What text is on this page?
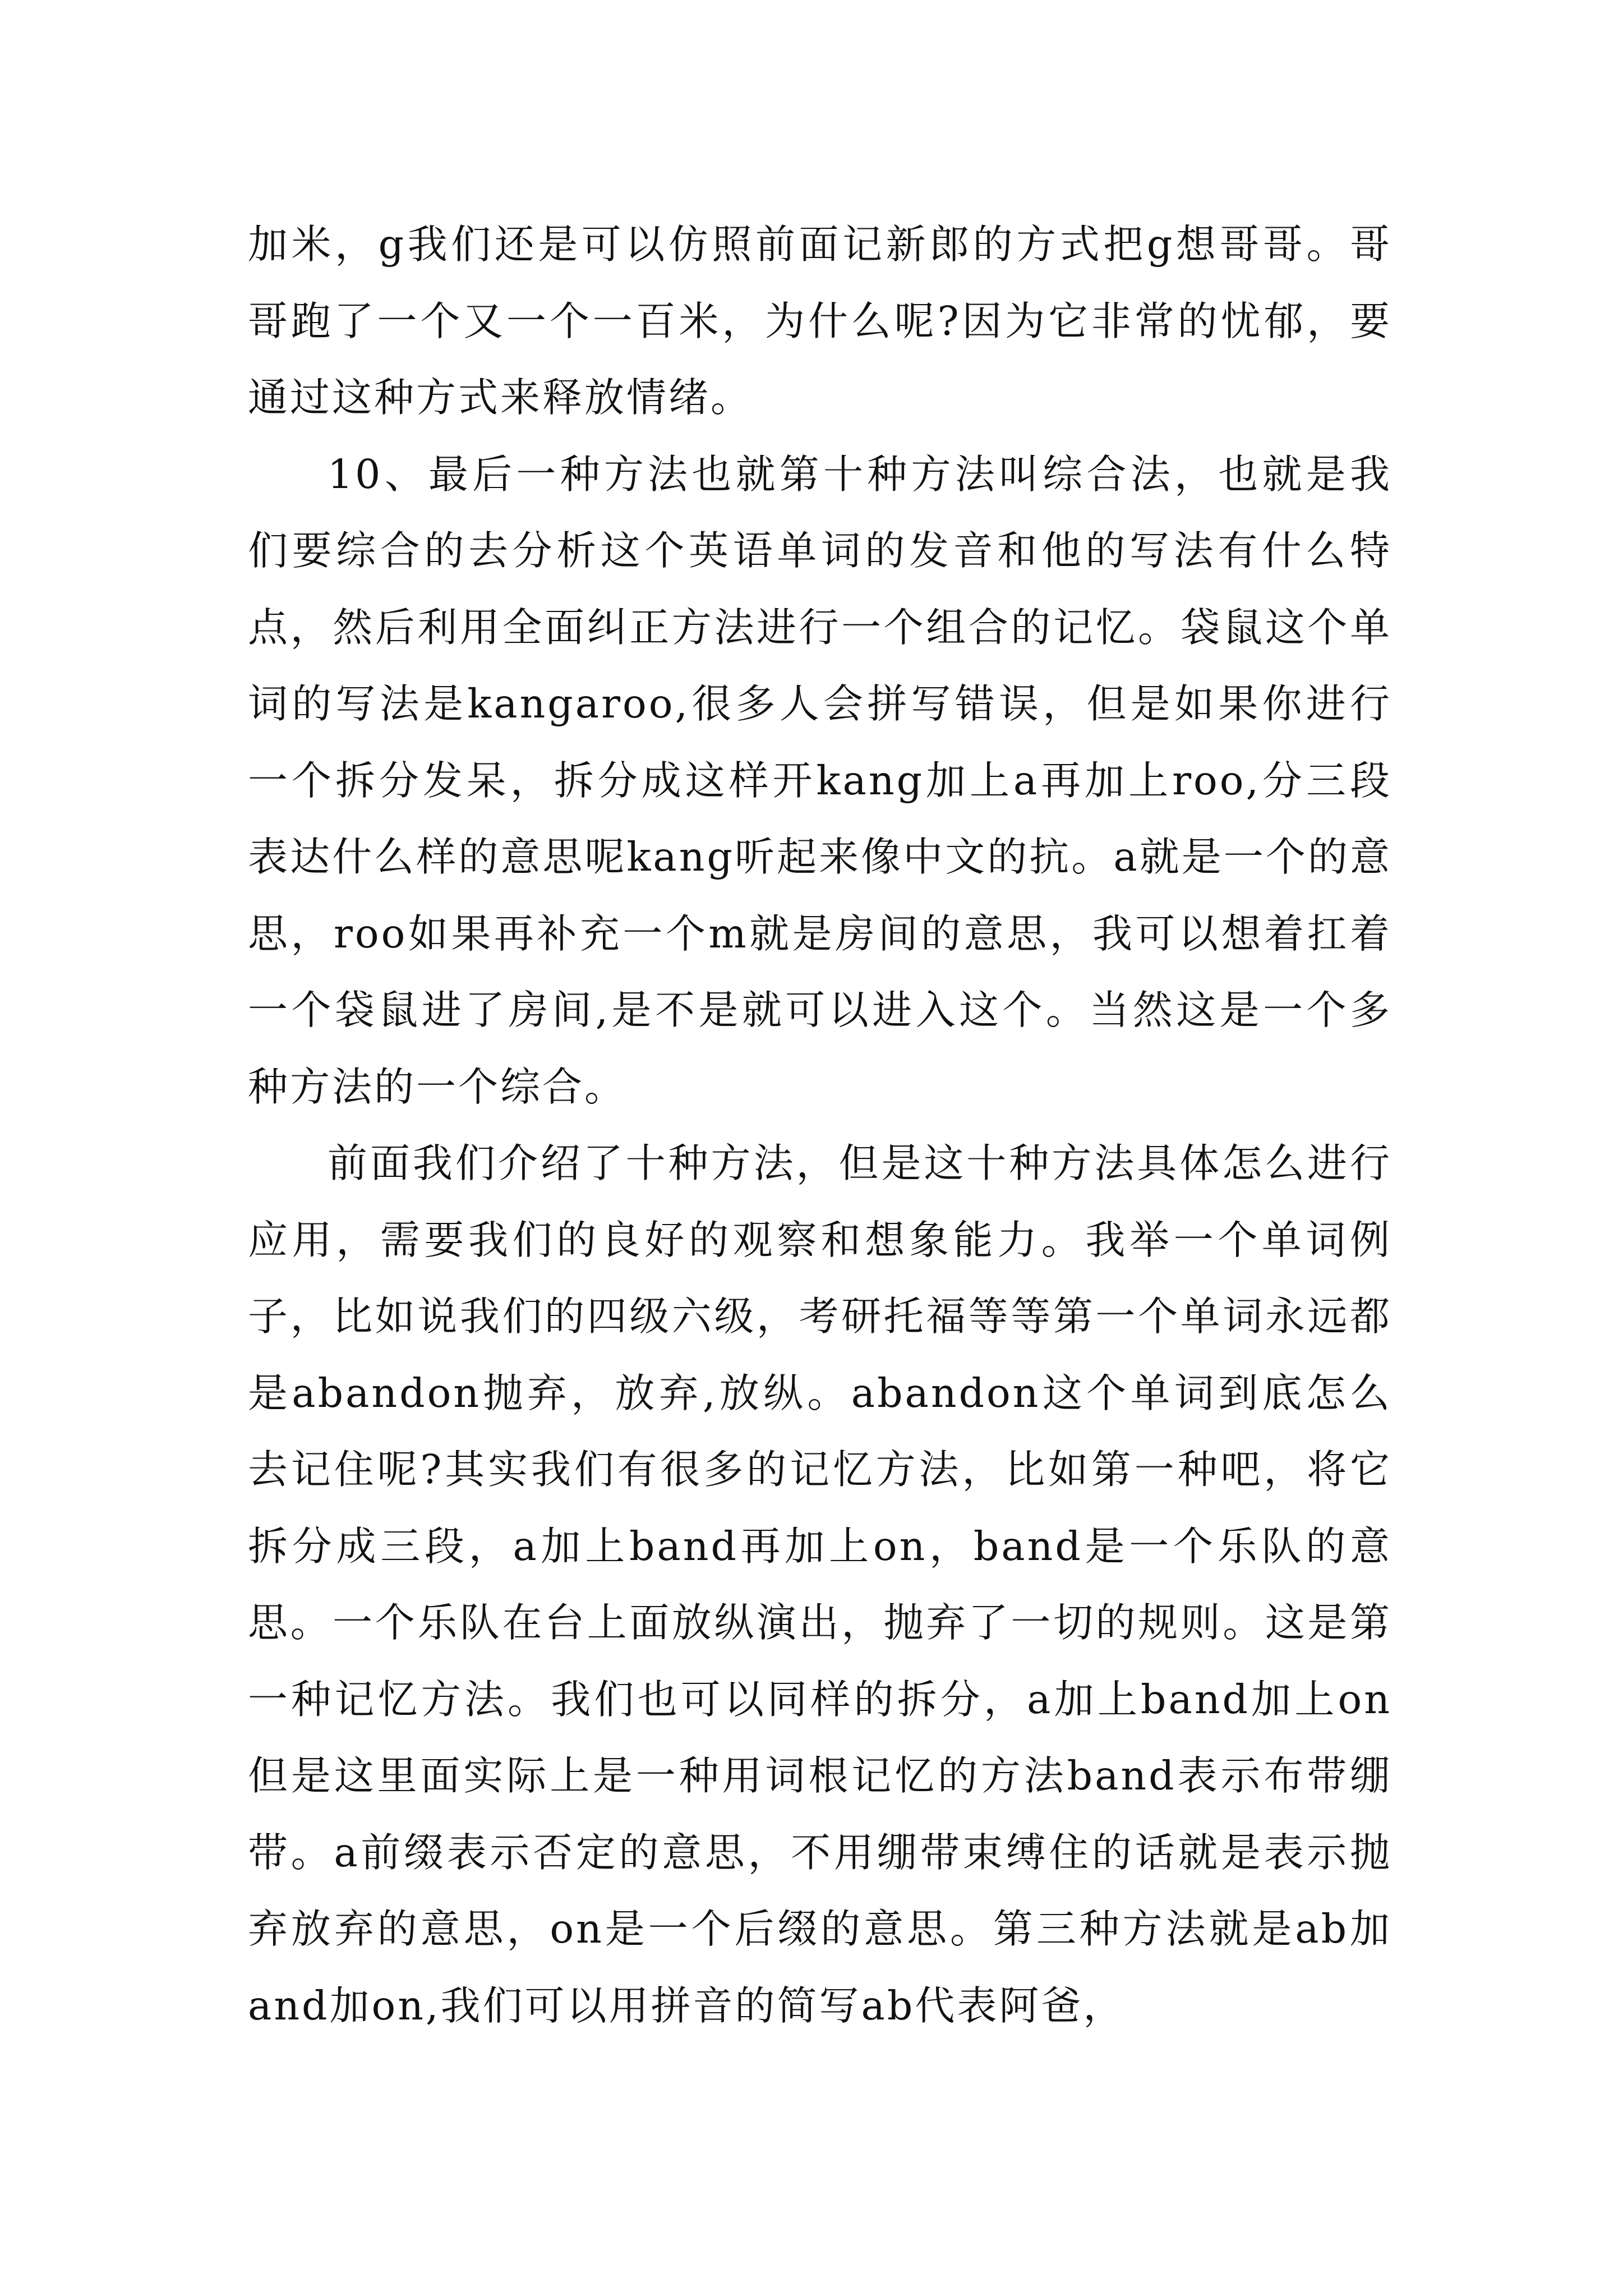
加米，g我们还是可以仿照前面记新郎的方式把g想哥哥。哥哥跑了一个又一个一百米，为什么呢?因为它非常的忧郁，要通过这种方式来释放情绪。

10、最后一种方法也就第十种方法叫综合法，也就是我们要综合的去分析这个英语单词的发音和他的写法有什么特点，然后利用全面纠正方法进行一个组合的记忆。袋鼠这个单词的写法是kangaroo,很多人会拼写错误，但是如果你进行一个拆分发呆，拆分成这样开kang加上a再加上roo,分三段表达什么样的意思呢kang听起来像中文的抗。a就是一个的意思，roo如果再补充一个m就是房间的意思，我可以想着扛着一个袋鼠进了房间,是不是就可以进入这个。当然这是一个多种方法的一个综合。

前面我们介绍了十种方法，但是这十种方法具体怎么进行应用，需要我们的良好的观察和想象能力。我举一个单词例子，比如说我们的四级六级，考研托福等等第一个单词永远都是abandon抛弃，放弃,放纵。abandon这个单词到底怎么去记住呢?其实我们有很多的记忆方法，比如第一种吧，将它拆分成三段，a加上band再加上on，band是一个乐队的意思。一个乐队在台上面放纵演出，抛弃了一切的规则。这是第一种记忆方法。我们也可以同样的拆分，a加上band加上on但是这里面实际上是一种用词根记忆的方法band表示布带绷带。a前缀表示否定的意思，不用绷带束缚住的话就是表示抛弃放弃的意思，on是一个后缀的意思。第三种方法就是ab加and加on,我们可以用拼音的简写ab代表阿爸，
